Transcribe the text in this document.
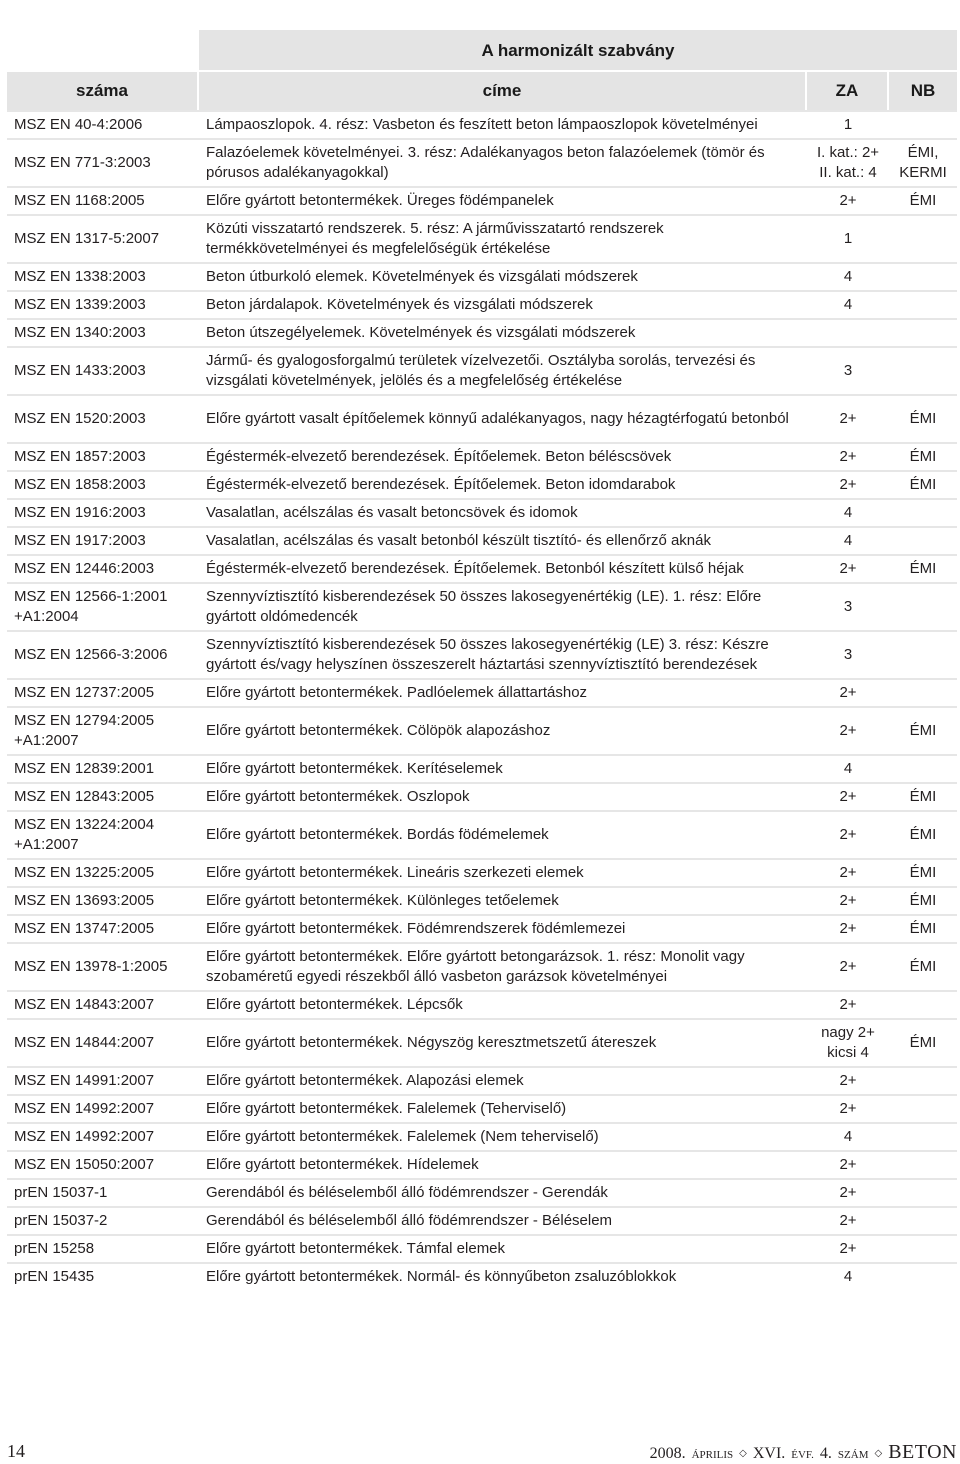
	A harmonizált szabvány		
száma	címe	ZA	NB
MSZ EN 40-4:2006	Lámpaoszlopok. 4. rész: Vasbeton és feszített beton lámpaoszlopok követelményei	1	
MSZ EN 771-3:2003	Falazóelemek követelményei. 3. rész: Adalékanyagos beton falazóelemek (tömör és pórusos adalékanyagokkal)	I. kat.: 2+ II. kat.: 4	ÉMI, KERMI
MSZ EN 1168:2005	Előre gyártott betontermékek. Üreges födémpanelek	2+	ÉMI
MSZ EN 1317-5:2007	Közúti visszatartó rendszerek. 5. rész: A járművisszatartó rendszerek termékkövetelményei és megfelelőségük értékelése	1	
MSZ EN 1338:2003	Beton útburkoló elemek. Követelmények és vizsgálati módszerek	4	
MSZ EN 1339:2003	Beton járdalapok. Követelmények és vizsgálati módszerek	4	
MSZ EN 1340:2003	Beton útszegélyelemek. Követelmények és vizsgálati módszerek		
MSZ EN 1433:2003	Jármű- és gyalogosforgalmú területek vízelvezetői. Osztályba sorolás, tervezési és vizsgálati követelmények, jelölés és a megfelelőség értékelése	3	
MSZ EN 1520:2003	Előre gyártott vasalt építőelemek könnyű adalékanyagos, nagy hézagtérfogatú betonból	2+	ÉMI
MSZ EN 1857:2003	Égéstermék-elvezető berendezések. Építőelemek. Beton béléscsövek	2+	ÉMI
MSZ EN 1858:2003	Égéstermék-elvezető berendezések. Építőelemek. Beton idomdarabok	2+	ÉMI
MSZ EN 1916:2003	Vasalatlan, acélszálas és vasalt betoncsövek és idomok	4	
MSZ EN 1917:2003	Vasalatlan, acélszálas és vasalt betonból készült tisztító- és ellenőrző aknák	4	
MSZ EN 12446:2003	Égéstermék-elvezető berendezések. Építőelemek. Betonból készített külső héjak	2+	ÉMI
MSZ EN 12566-1:2001 +A1:2004	Szennyvíztisztító kisberendezések 50 összes lakosegyenértékig (LE). 1. rész: Előre gyártott oldómedencék	3	
MSZ EN 12566-3:2006	Szennyvíztisztító kisberendezések 50 összes lakosegyenértékig (LE) 3. rész: Készre gyártott és/vagy helyszínen összeszerelt háztartási szennyvíztisztító berendezések	3	
MSZ EN 12737:2005	Előre gyártott betontermékek. Padlóelemek állattartáshoz	2+	
MSZ EN 12794:2005 +A1:2007	Előre gyártott betontermékek. Cölöpök alapozáshoz	2+	ÉMI
MSZ EN 12839:2001	Előre gyártott betontermékek. Kerítéselemek	4	
MSZ EN 12843:2005	Előre gyártott betontermékek. Oszlopok	2+	ÉMI
MSZ EN 13224:2004 +A1:2007	Előre gyártott betontermékek. Bordás födémelemek	2+	ÉMI
MSZ EN 13225:2005	Előre gyártott betontermékek. Lineáris szerkezeti elemek	2+	ÉMI
MSZ EN 13693:2005	Előre gyártott betontermékek. Különleges tetőelemek	2+	ÉMI
MSZ EN 13747:2005	Előre gyártott betontermékek. Födémrendszerek födémlemezei	2+	ÉMI
MSZ EN 13978-1:2005	Előre gyártott betontermékek. Előre gyártott betongarázsok. 1. rész: Monolit vagy szobaméretű egyedi részekből álló vasbeton garázsok követelményei	2+	ÉMI
MSZ EN 14843:2007	Előre gyártott betontermékek. Lépcsők	2+	
MSZ EN 14844:2007	Előre gyártott betontermékek. Négyszög keresztmetszetű átereszek	nagy 2+ kicsi 4	ÉMI
MSZ EN 14991:2007	Előre gyártott betontermékek. Alapozási elemek	2+	
MSZ EN 14992:2007	Előre gyártott betontermékek. Falelemek (Teherviselő)	2+	
MSZ EN 14992:2007	Előre gyártott betontermékek. Falelemek (Nem teherviselő)	4	
MSZ EN 15050:2007	Előre gyártott betontermékek. Hídelemek	2+	
prEN 15037-1	Gerendából és béléselemből álló födémrendszer - Gerendák	2+	
prEN 15037-2	Gerendából és béléselemből álló födémrendszer - Béléselem	2+	
prEN 15258	Előre gyártott betontermékek. Támfal elemek	2+	
prEN 15435	Előre gyártott betontermékek. Normál- és könnyűbeton zsaluzóblokkok	4	
14	2008. ÁPRILIS ◇ XVI. ÉVF. 4. SZÁM ◇ BETON
